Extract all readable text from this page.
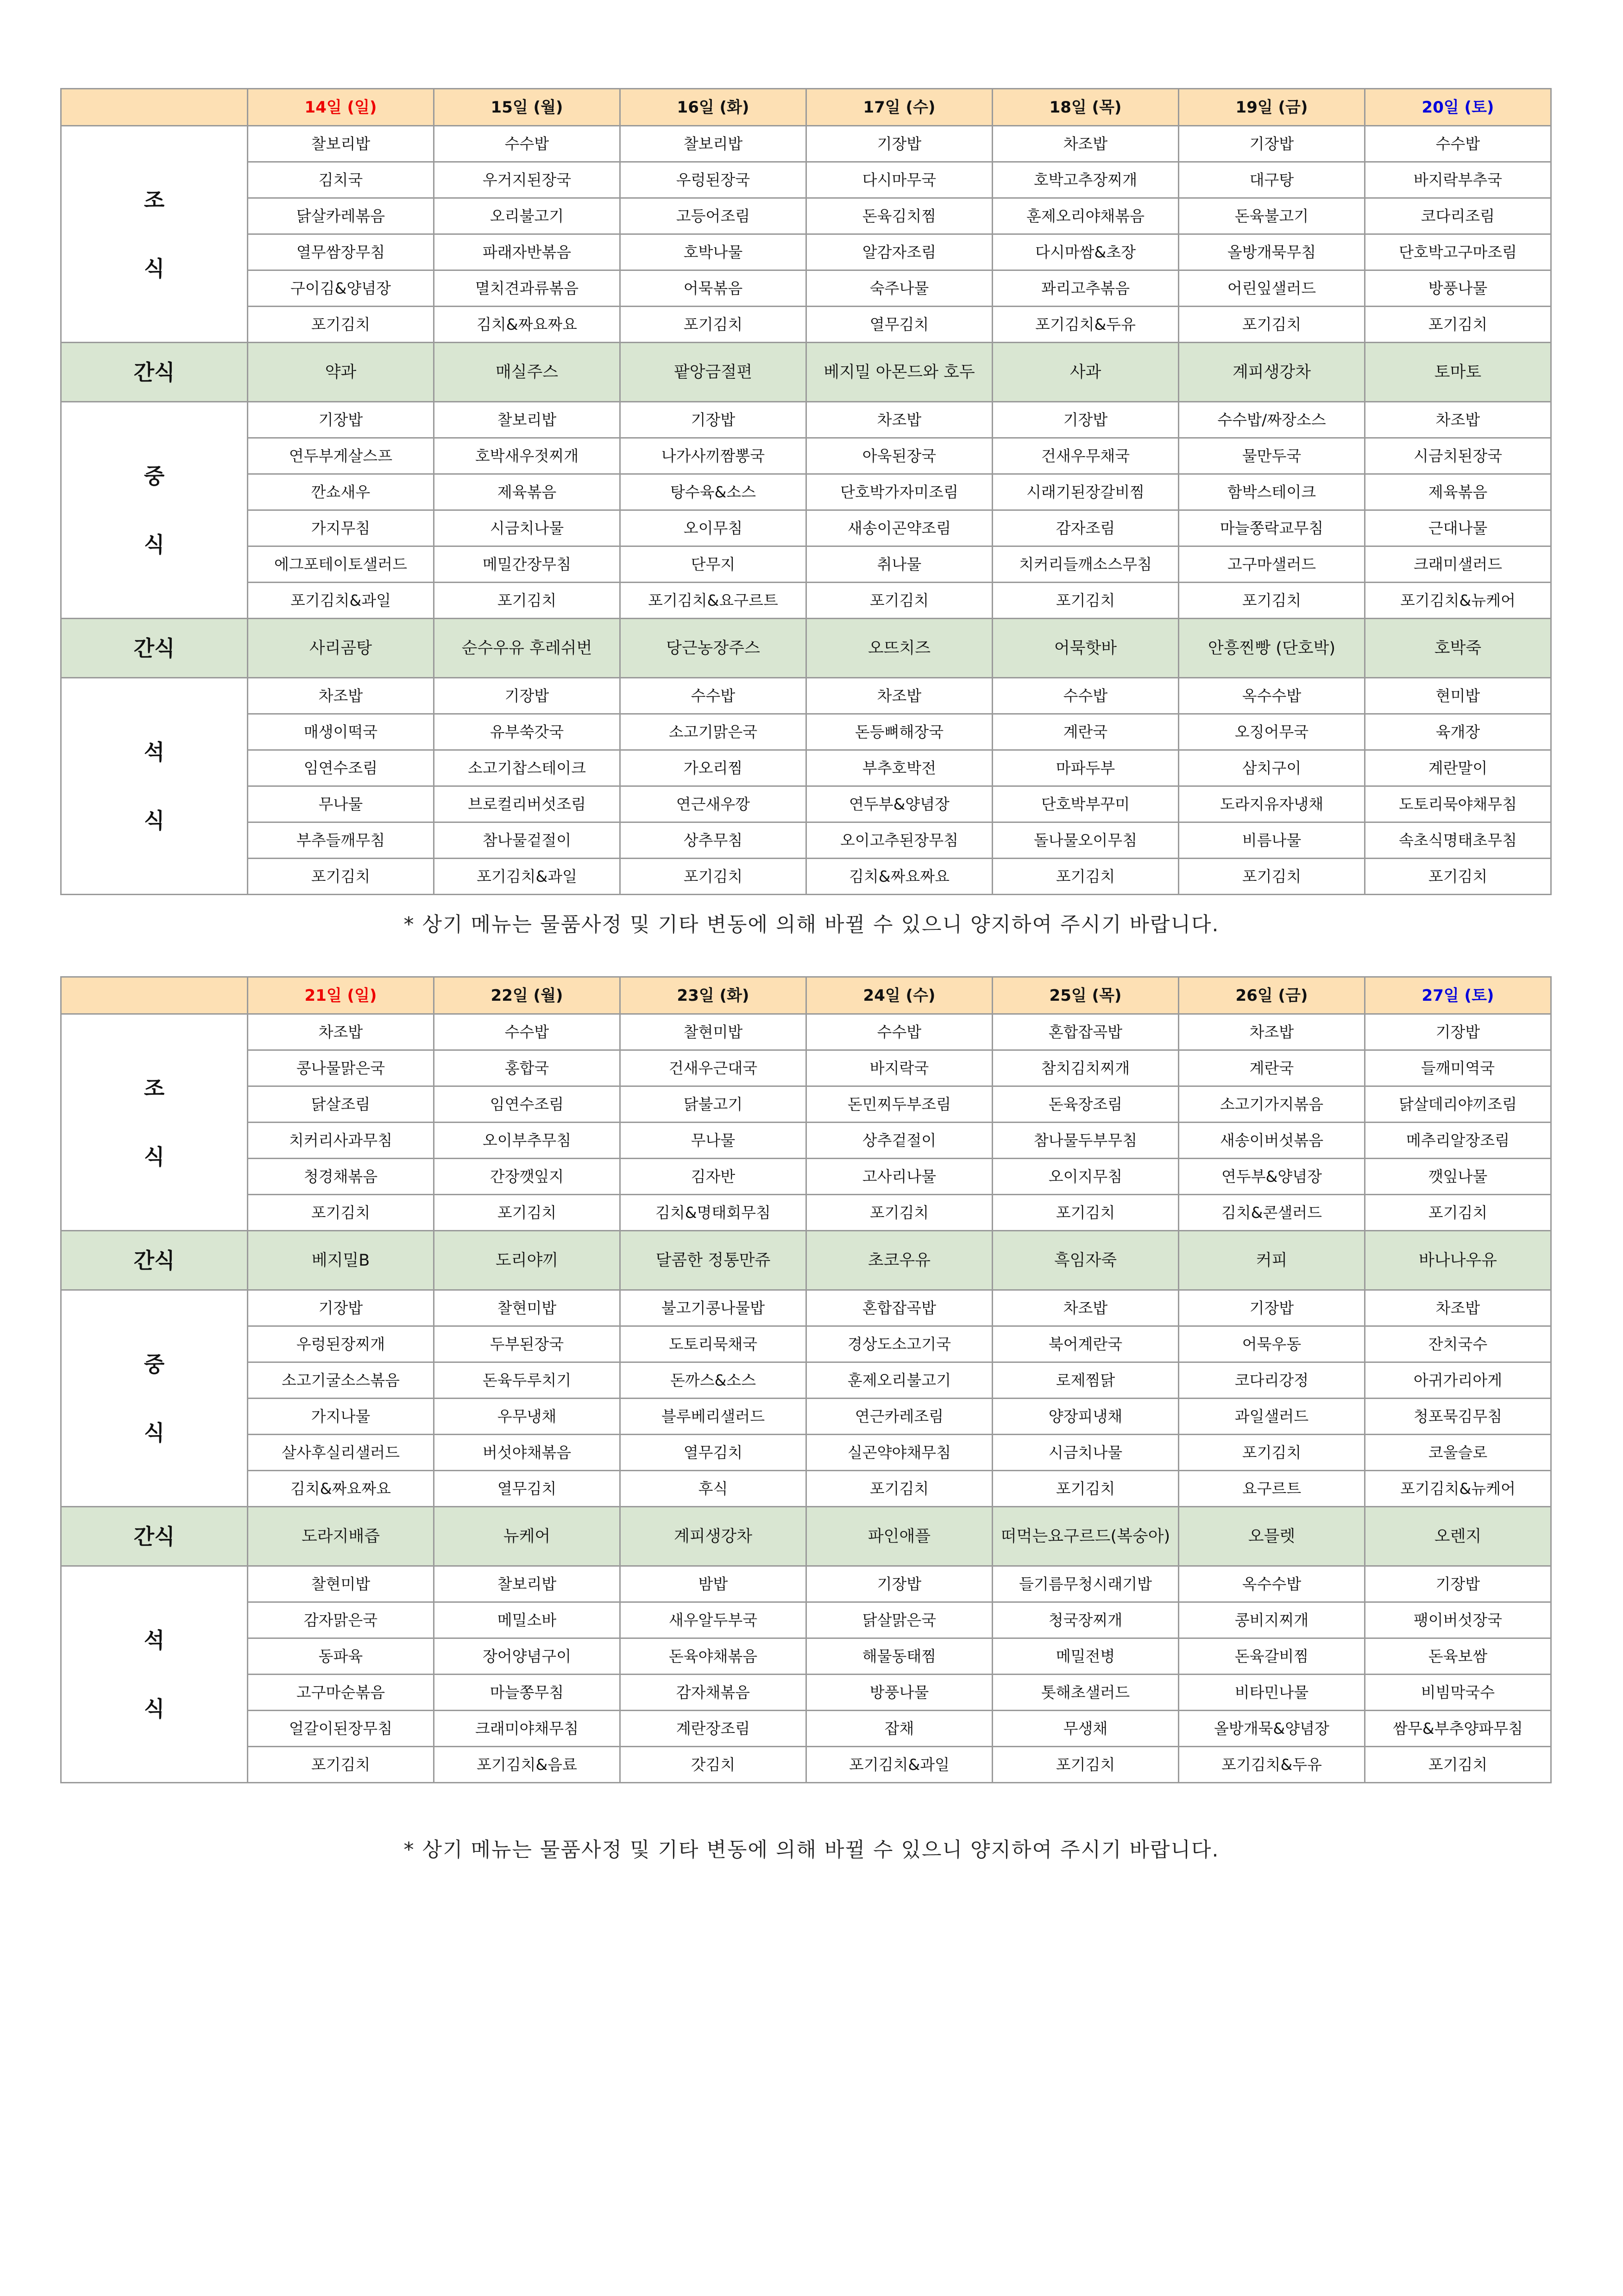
	14일 (일)	15일 (월)	16일 (화)	17일 (수)	18일 (목)	19일 (금)	20일 (토)

조
식	찰보리밥	수수밥	찰보리밥	기장밥	차조밥	기장밥	수수밥
	김치국	우거지된장국	우렁된장국	다시마무국	호박고추장찌개	대구탕	바지락부추국
	닭살카레볶음	오리불고기	고등어조림	돈육김치찜	훈제오리야채볶음	돈육불고기	코다리조림
	열무쌈장무침	파래자반볶음	호박나물	알감자조림	다시마쌈&초장	올방개묵무침	단호박고구마조림
	구이김&양념장	멸치견과류볶음	어묵볶음	숙주나물	꽈리고추볶음	어린잎샐러드	방풍나물
	포기김치	김치&짜요짜요	포기김치	열무김치	포기김치&두유	포기김치	포기김치
간식	약과	매실주스	팥앙금절편	베지밀 아몬드와 호두	사과	계피생강차	토마토

중
식	기장밥	찰보리밥	기장밥	차조밥	기장밥	수수밥/짜장소스	차조밥
	연두부게살스프	호박새우젓찌개	나가사끼짬뽕국	아욱된장국	건새우무채국	물만두국	시금치된장국
	깐쇼새우	제육볶음	탕수육&소스	단호박가자미조림	시래기된장갈비찜	함박스테이크	제육볶음
	가지무침	시금치나물	오이무침	새송이곤약조림	감자조림	마늘쫑락교무침	근대나물
	에그포테이토샐러드	메밀간장무침	단무지	취나물	치커리들깨소스무침	고구마샐러드	크래미샐러드
	포기김치&과일	포기김치	포기김치&요구르트	포기김치	포기김치	포기김치	포기김치&뉴케어
간식	사리곰탕	순수우유 후레쉬번	당근농장주스	오뜨치즈	어묵핫바	안흥찐빵 (단호박)	호박죽

석
식	차조밥	기장밥	수수밥	차조밥	수수밥	옥수수밥	현미밥
	매생이떡국	유부쑥갓국	소고기맑은국	돈등뼈해장국	계란국	오징어무국	육개장
	임연수조림	소고기찹스테이크	가오리찜	부추호박전	마파두부	삼치구이	계란말이
	무나물	브로컬리버섯조림	연근새우깡	연두부&양념장	단호박부꾸미	도라지유자냉채	도토리묵야채무침
	부추들깨무침	참나물겉절이	상추무침	오이고추된장무침	돌나물오이무침	비름나물	속초식명태초무침
	포기김치	포기김치&과일	포기김치	김치&짜요짜요	포기김치	포기김치	포기김치
* 상기 메뉴는 물품사정 및 기타 변동에 의해 바뀔 수 있으니 양지하여 주시기 바랍니다.
	21일 (일)	22일 (월)	23일 (화)	24일 (수)	25일 (목)	26일 (금)	27일 (토)

조
식	차조밥	수수밥	찰현미밥	수수밥	혼합잡곡밥	차조밥	기장밥
	콩나물맑은국	홍합국	건새우근대국	바지락국	참치김치찌개	계란국	들깨미역국
	닭살조림	임연수조림	닭불고기	돈민찌두부조림	돈육장조림	소고기가지볶음	닭살데리야끼조림
	치커리사과무침	오이부추무침	무나물	상추겉절이	참나물두부무침	새송이버섯볶음	메추리알장조림
	청경채볶음	간장깻잎지	김자반	고사리나물	오이지무침	연두부&양념장	깻잎나물
	포기김치	포기김치	김치&명태회무침	포기김치	포기김치	김치&콘샐러드	포기김치
간식	베지밀B	도리야끼	달콤한 정통만쥬	초코우유	흑임자죽	커피	바나나우유

중
식	기장밥	찰현미밥	불고기콩나물밥	혼합잡곡밥	차조밥	기장밥	차조밥
	우렁된장찌개	두부된장국	도토리묵채국	경상도소고기국	북어계란국	어묵우동	잔치국수
	소고기굴소스볶음	돈육두루치기	돈까스&소스	훈제오리불고기	로제찜닭	코다리강정	아귀가리아게
	가지나물	우무냉채	블루베리샐러드	연근카레조림	양장피냉채	과일샐러드	청포묵김무침
	살사후실리샐러드	버섯야채볶음	열무김치	실곤약야채무침	시금치나물	포기김치	코울슬로
	김치&짜요짜요	열무김치	후식	포기김치	포기김치	요구르트	포기김치&뉴케어
간식	도라지배즙	뉴케어	계피생강차	파인애플	떠먹는요구르드(복숭아)	오믈렛	오렌지

석
식	찰현미밥	찰보리밥	밤밥	기장밥	들기름무청시래기밥	옥수수밥	기장밥
	감자맑은국	메밀소바	새우알두부국	닭살맑은국	청국장찌개	콩비지찌개	팽이버섯장국
	동파육	장어양념구이	돈육야채볶음	해물동태찜	메밀전병	돈육갈비찜	돈육보쌈
	고구마순볶음	마늘쫑무침	감자채볶음	방풍나물	톳해초샐러드	비타민나물	비빔막국수
	얼갈이된장무침	크래미야채무침	계란장조림	잡채	무생채	올방개묵&양념장	쌈무&부추양파무침
	포기김치	포기김치&음료	갓김치	포기김치&과일	포기김치	포기김치&두유	포기김치
* 상기 메뉴는 물품사정 및 기타 변동에 의해 바뀔 수 있으니 양지하여 주시기 바랍니다.
